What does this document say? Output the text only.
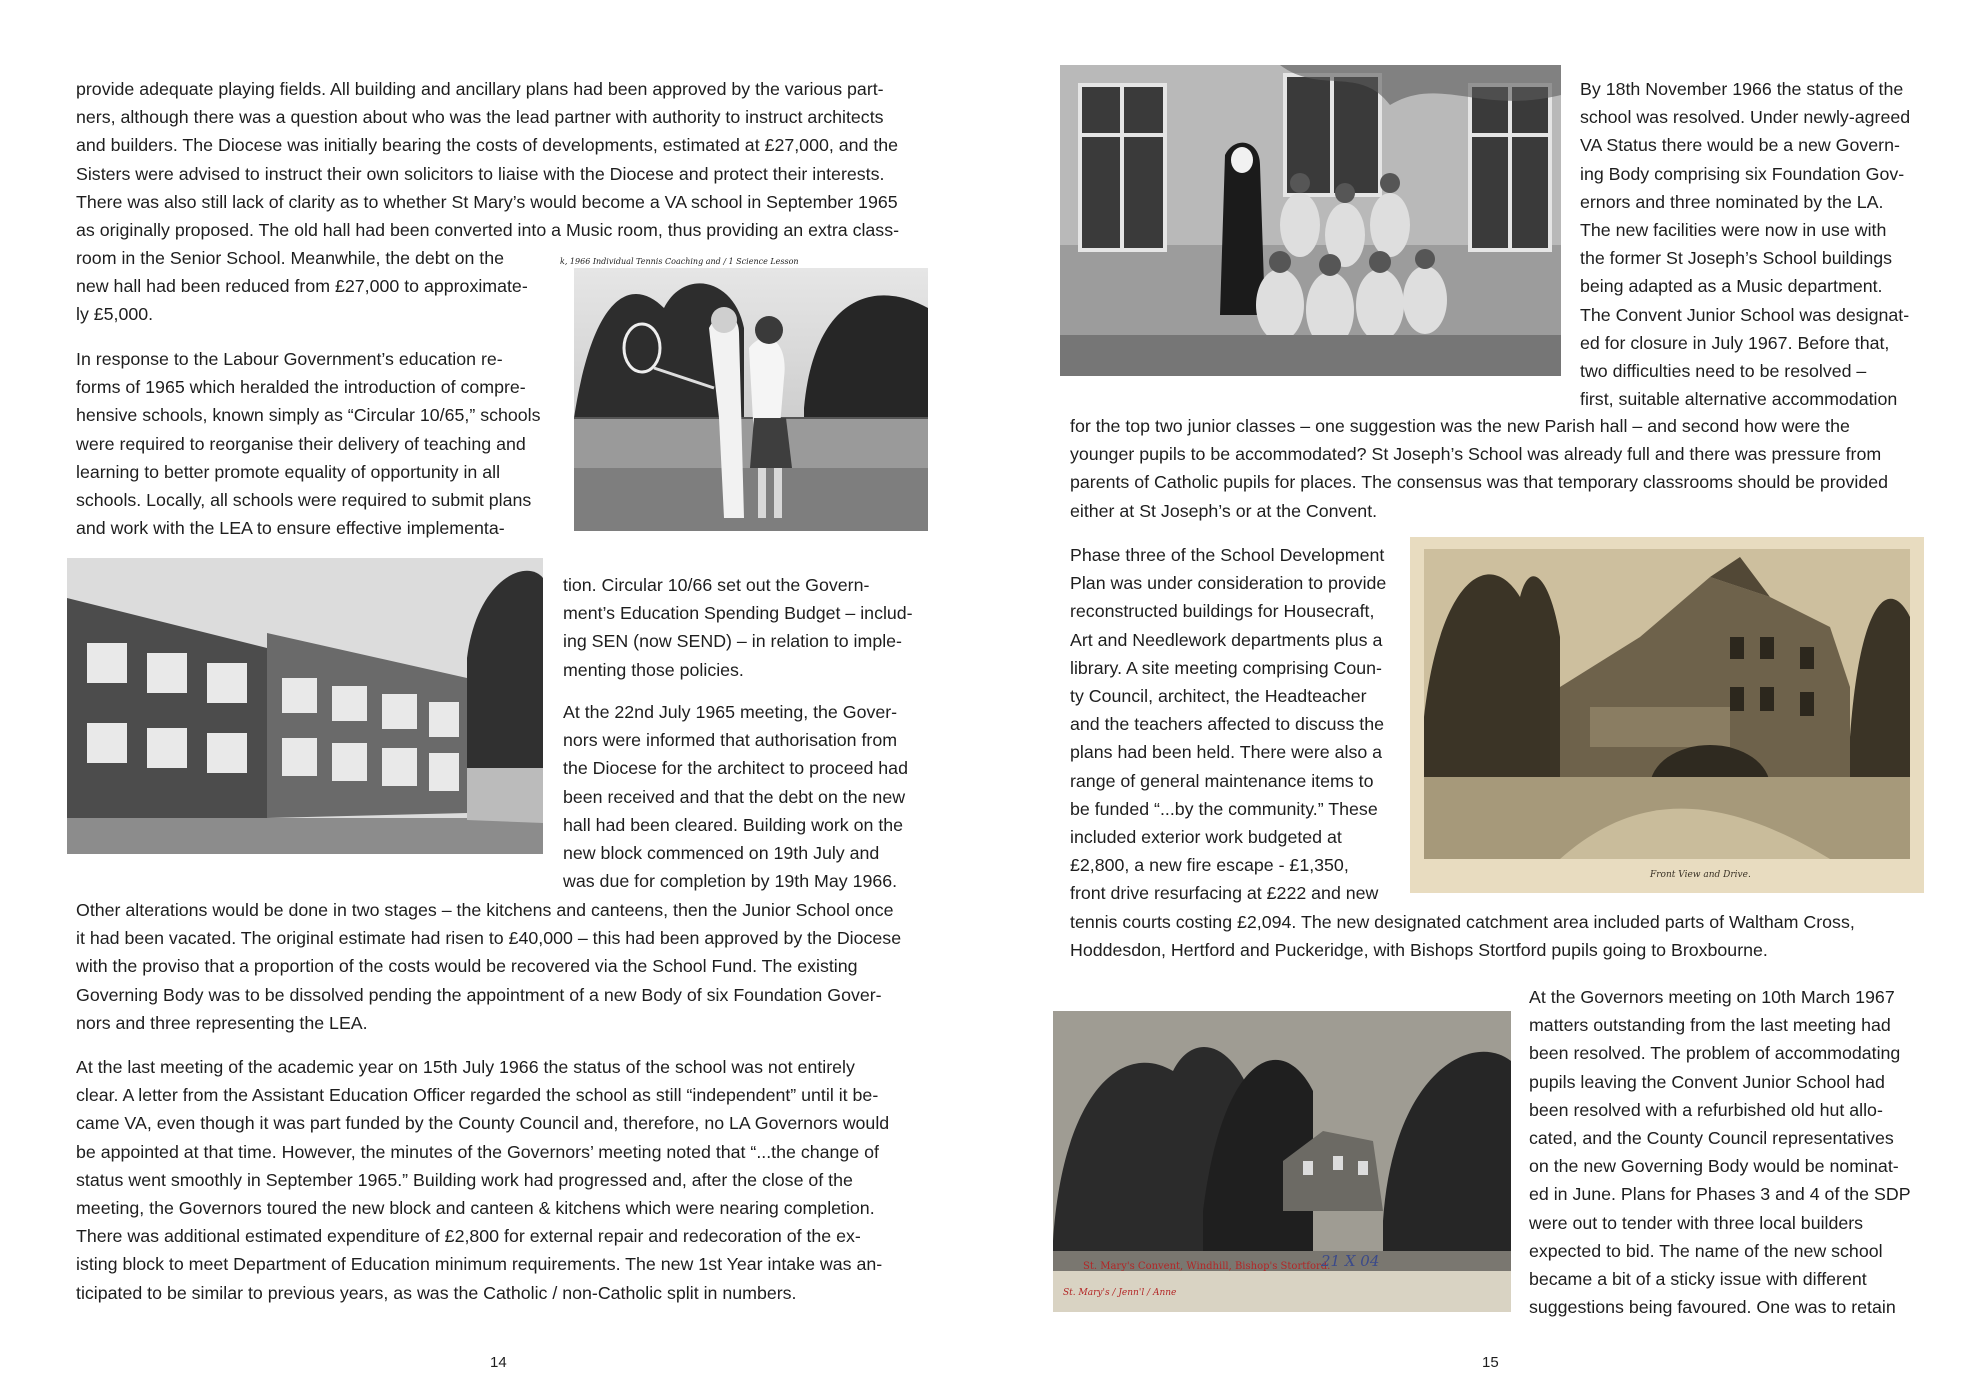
provide adequate playing fields. All building and ancillary plans had been approved by the various part-

ners, although there was a question about who was the lead partner with authority to instruct architects

and builders. The Diocese was initially bearing the costs of developments, estimated at £27,000, and the

Sisters were advised to instruct their own solicitors to liaise with the Diocese and protect their interests.

There was also still lack of clarity as to whether St Mary’s would become a VA school in September 1965

as originally proposed. The old hall had been converted into a Music room, thus providing an extra class-

room in the Senior School. Meanwhile, the debt on the

new hall had been reduced from £27,000 to approximate-

ly £5,000.

In response to the Labour Government’s education re-

forms of 1965 which heralded the introduction of compre-

hensive schools, known simply as “Circular 10/65,” schools

were required to reorganise their delivery of teaching and

learning to better promote equality of opportunity in all

schools. Locally, all schools were required to submit plans

and work with the LEA to ensure effective implementa-

k, 1966 Individual Tennis Coaching and / 1 Science Lesson

tion. Circular 10/66 set out the Govern-

ment’s Education Spending Budget – includ-

ing SEN (now SEND) – in relation to imple-

menting those policies.

At the 22nd July 1965 meeting, the Gover-

nors were informed that authorisation from

the Diocese for the architect to proceed had

been received and that the debt on the new

hall had been cleared. Building work on the

new block commenced on 19th July and

was due for completion by 19th May 1966.

Other alterations would be done in two stages – the kitchens and canteens, then the Junior School once

it had been vacated. The original estimate had risen to £40,000 – this had been approved by the Diocese

with the proviso that a proportion of the costs would be recovered via the School Fund. The existing

Governing Body was to be dissolved pending the appointment of a new Body of six Foundation Gover-

nors and three representing the LEA.

At the last meeting of the academic year on 15th July 1966 the status of the school was not entirely

clear. A letter from the Assistant Education Officer regarded the school as still “independent” until it be-

came VA, even though it was part funded by the County Council and, therefore, no LA Governors would

be appointed at that time. However, the minutes of the Governors’ meeting noted that “...the change of

status went smoothly in September 1965.” Building work had progressed and, after the close of the

meeting, the Governors toured the new block and canteen & kitchens which were nearing completion.

There was additional estimated expenditure of £2,800 for external repair and redecoration of the ex-

isting block to meet Department of Education minimum requirements. The new 1st Year intake was an-

ticipated to be similar to previous years, as was the Catholic / non-Catholic split in numbers.

14

By 18th November 1966 the status of the

school was resolved. Under newly-agreed

VA Status there would be a new Govern-

ing Body comprising six Foundation Gov-

ernors and three nominated by the LA.

The new facilities were now in use with

the former St Joseph’s School buildings

being adapted as a Music department.

The Convent Junior School was designat-

ed for closure in July 1967. Before that,

two difficulties need to be resolved –

first, suitable alternative accommodation

for the top two junior classes – one suggestion was the new Parish hall – and second how were the

younger pupils to be accommodated? St Joseph’s School was already full and there was pressure from

parents of Catholic pupils for places. The consensus was that temporary classrooms should be provided

either at St Joseph’s or at the Convent.

Phase three of the School Development

Plan was under consideration to provide

reconstructed buildings for Housecraft,

Art and Needlework departments plus a

library. A site meeting comprising Coun-

ty Council, architect, the Headteacher

and the teachers affected to discuss the

plans had been held. There were also a

range of general maintenance items to

be funded “...by the community.” These

included exterior work budgeted at

£2,800, a new fire escape - £1,350,

front drive resurfacing at £222 and new

Front View and Drive.

tennis courts costing £2,094. The new designated catchment area included parts of Waltham Cross,

Hoddesdon, Hertford and Puckeridge, with Bishops Stortford pupils going to Broxbourne.

St. Mary's Convent, Windhill, Bishop's Stortford.
21 X 04
St. Mary's / Jenn'l / Anne

At the Governors meeting on 10th March 1967

matters outstanding from the last meeting had

been resolved. The problem of accommodating

pupils leaving the Convent Junior School had

been resolved with a refurbished old hut allo-

cated, and the County Council representatives

on the new Governing Body would be nominat-

ed in June. Plans for Phases 3 and 4 of the SDP

were out to tender with three local builders

expected to bid. The name of the new school

became a bit of a sticky issue with different

suggestions being favoured. One was to retain

15
